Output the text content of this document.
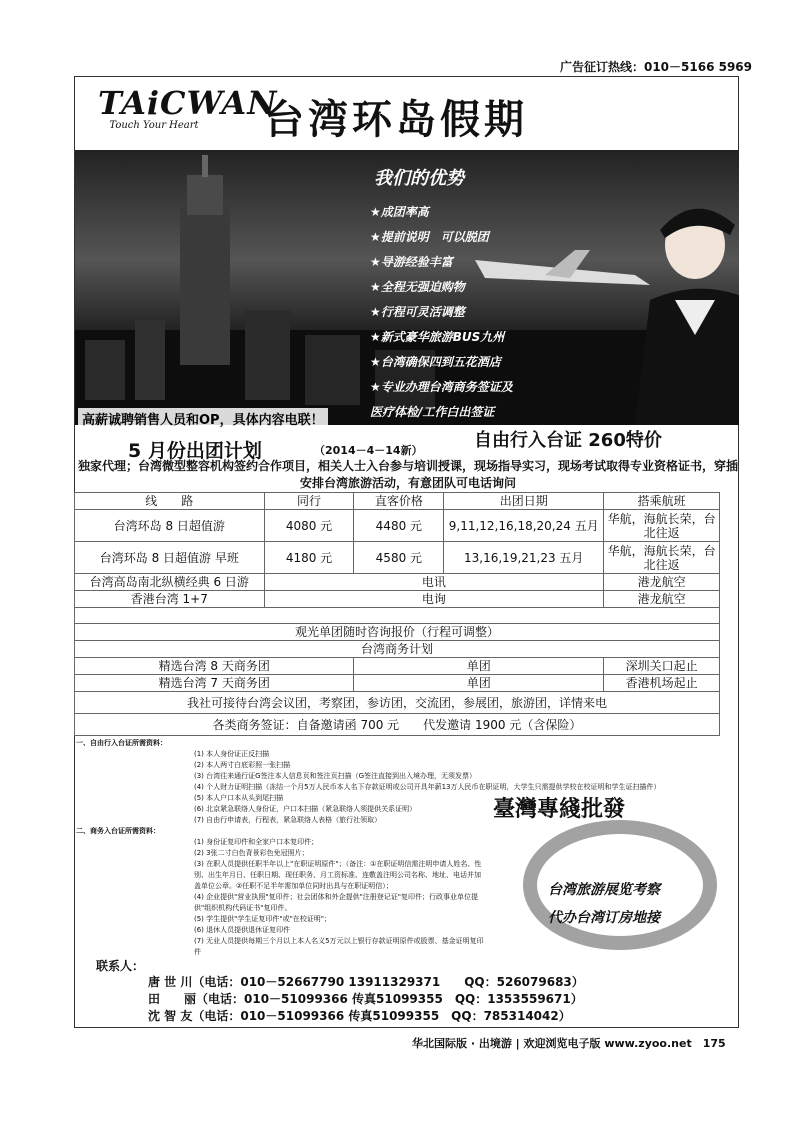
广告征订热线：010－5166 5969
TAiCWAN
Touch Your Heart 台湾环岛假期
我们的优势
★成团率高
★提前说明　可以脱团
★导游经验丰富
★全程无强迫购物
★行程可灵活调整
★新式豪华旅游BUS九州
★台湾确保四到五花酒店
★专业办理台湾商务签证及
医疗体检/工作白出签证
高薪诚聘销售人员和OP，具体内容电联！
5 月份出团计划	（2014－4－14新）	自由行入台证 260特价
独家代理；台湾微型整容机构签约合作项目，相关人士入台参与培训授课，现场指导实习，现场考试取得专业资格证书，穿插安排台湾旅游活动，有意团队可电话询问
线　　路	同行	直客价格	出团日期	搭乘航班
台湾环岛 8 日超值游	4080 元	4480 元	9,11,12,16,18,20,24 五月	华航，海航长荣，台北往返
台湾环岛 8 日超值游 早班	4180 元	4580 元	13,16,19,21,23 五月	华航，海航长荣，台北往返
台湾高岛南北纵横经典 6 日游	电讯			港龙航空
香港台湾 1+7	电询			港龙航空

观光单团随时咨询报价（行程可调整）				
台湾商务计划				
精选台湾 8 天商务团		单团		深圳关口起止
精选台湾 7 天商务团		单团		香港机场起止
我社可接待台湾会议团，考察团，参访团，交流团，参展团，旅游团，详情来电				
各类商务签证：自备邀请函 700 元　　代发邀请 1900 元（含保险）				
一、自由行入台证所需资料：
(1) 本人身份证正反扫描
(2) 本人两寸白底彩照一张扫描
(3) 台湾往来通行证G签注本人信息页和签注页扫描（G签注直接到出入境办理，无须发票）
(4) 个人财力证明扫描（冻结一个月5万人民币本人名下存款证明或公司开具年薪13万人民币在职证明，大学生只需提供学校在校证明和学生证扫描件）
(5) 本人户口本从头到尾扫描
(6) 北京紧急联络人身份证，户口本扫描（紧急联络人须提供关系证明）
(7) 自由行申请表，行程表，紧急联络人表格（旅行社领取）
二、商务入台证所需资料：
(1) 身份证复印件和全家户口本复印件；
(2) 3张二寸白色背景彩色免冠照片；
(3) 在职人员提供任职半年以上"在职证明原件"；（备注：①在职证明信需注明申请人姓名、性别、出生年月日、任职日期、现任职务、月工资标准、连敷盖注明公司名称、地址、电话并加盖单位公章。②任职不足半年需加单位同时出具与在职证明信）；
(4) 企业提供"营业执照"复印件；社会团体和外企提供"注册登记证"复印件；行政事业单位提供"组织机构代码证书"复印件。
(5) 学生提供"学生证复印件"或"在校证明"；
(6) 退休人员提供退休证复印件
(7) 无业人员提供每期三个月以上本人名义5万元以上银行存款证明原件或股票、基金证明复印件
臺灣專綫批發
台湾旅游展览考察
代办台湾订房地接
联系人：
唐 世 川（电话：010－52667790 13911329371　　QQ：526079683）
田　　丽（电话：010－51099366 传真51099355　QQ：1353559671）
沈 智 友（电话：010－51099366 传真51099355　QQ：785314042）
华北国际版 · 出境游 | 欢迎浏览电子版 www.zyoo.net　175
